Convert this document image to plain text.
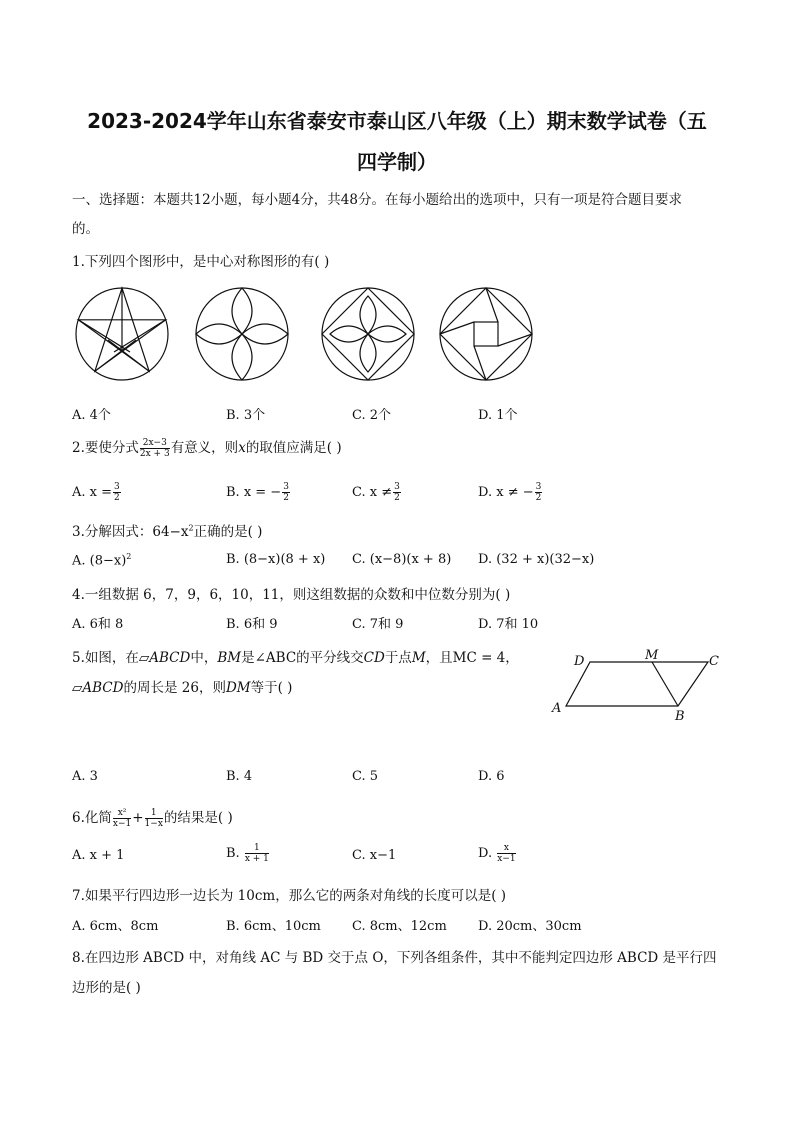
2023-2024学年山东省泰安市泰山区八年级（上）期末数学试卷（五
四学制）
一、选择题：本题共12小题，每小题4分，共48分。在每小题给出的选项中，只有一项是符合题目要求
的。
1.下列四个图形中，是中心对称图形的有( )
A. 4个	B. 3个	C. 2个	D. 1个
2.要使分式 $\frac{2x-3}{2x + 3}$ 有意义，则x的取值应满足( )
A. $x = \frac{3}{2}$	B. x = − $\frac{3}{2}$	C. $x \ne \frac{3}{2}$	D. x ≠ − $\frac{3}{2}$
3.分解因式：$64-x^2$正确的是( )
A. $(8-x)^2$	B. (8−x)(8 + x) C. (x−8)(x + 8) D. (32 + x)(32−x)
4.一组数据 6，7，9，6，10，11，则这组数据的众数和中位数分别为( )
A. 6和 8	B. 6和 9	C. 7和 9	D. 7和 10
5.如图，在▱ABCD中，BM是∠ABC的平分线交CD于点M，且MC = 4，
▱ABCD的周长是 26，则DM等于( )
D	M	C
A
B
A. 3	B. 4	C. 5	D. 6
6.化简 $\frac{\text{x²}}{x-1} + \frac{1}{1-x}$ 的结果是( )
A. x + 1	B. $\frac{1}{x + 1}$	C. x−1	D. $\frac{x}{x-1}$
7.如果平行四边形一边长为 10cm，那么它的两条对角线的长度可以是( )
A. 6cm、8cm	B. 6cm、10cm C. 8cm、12cm D. 20cm、30cm
8.在四边形 ABCD 中，对角线 AC 与 BD 交于点 O，下列各组条件，其中不能判定四边形 ABCD 是平行四
边形的是( )
